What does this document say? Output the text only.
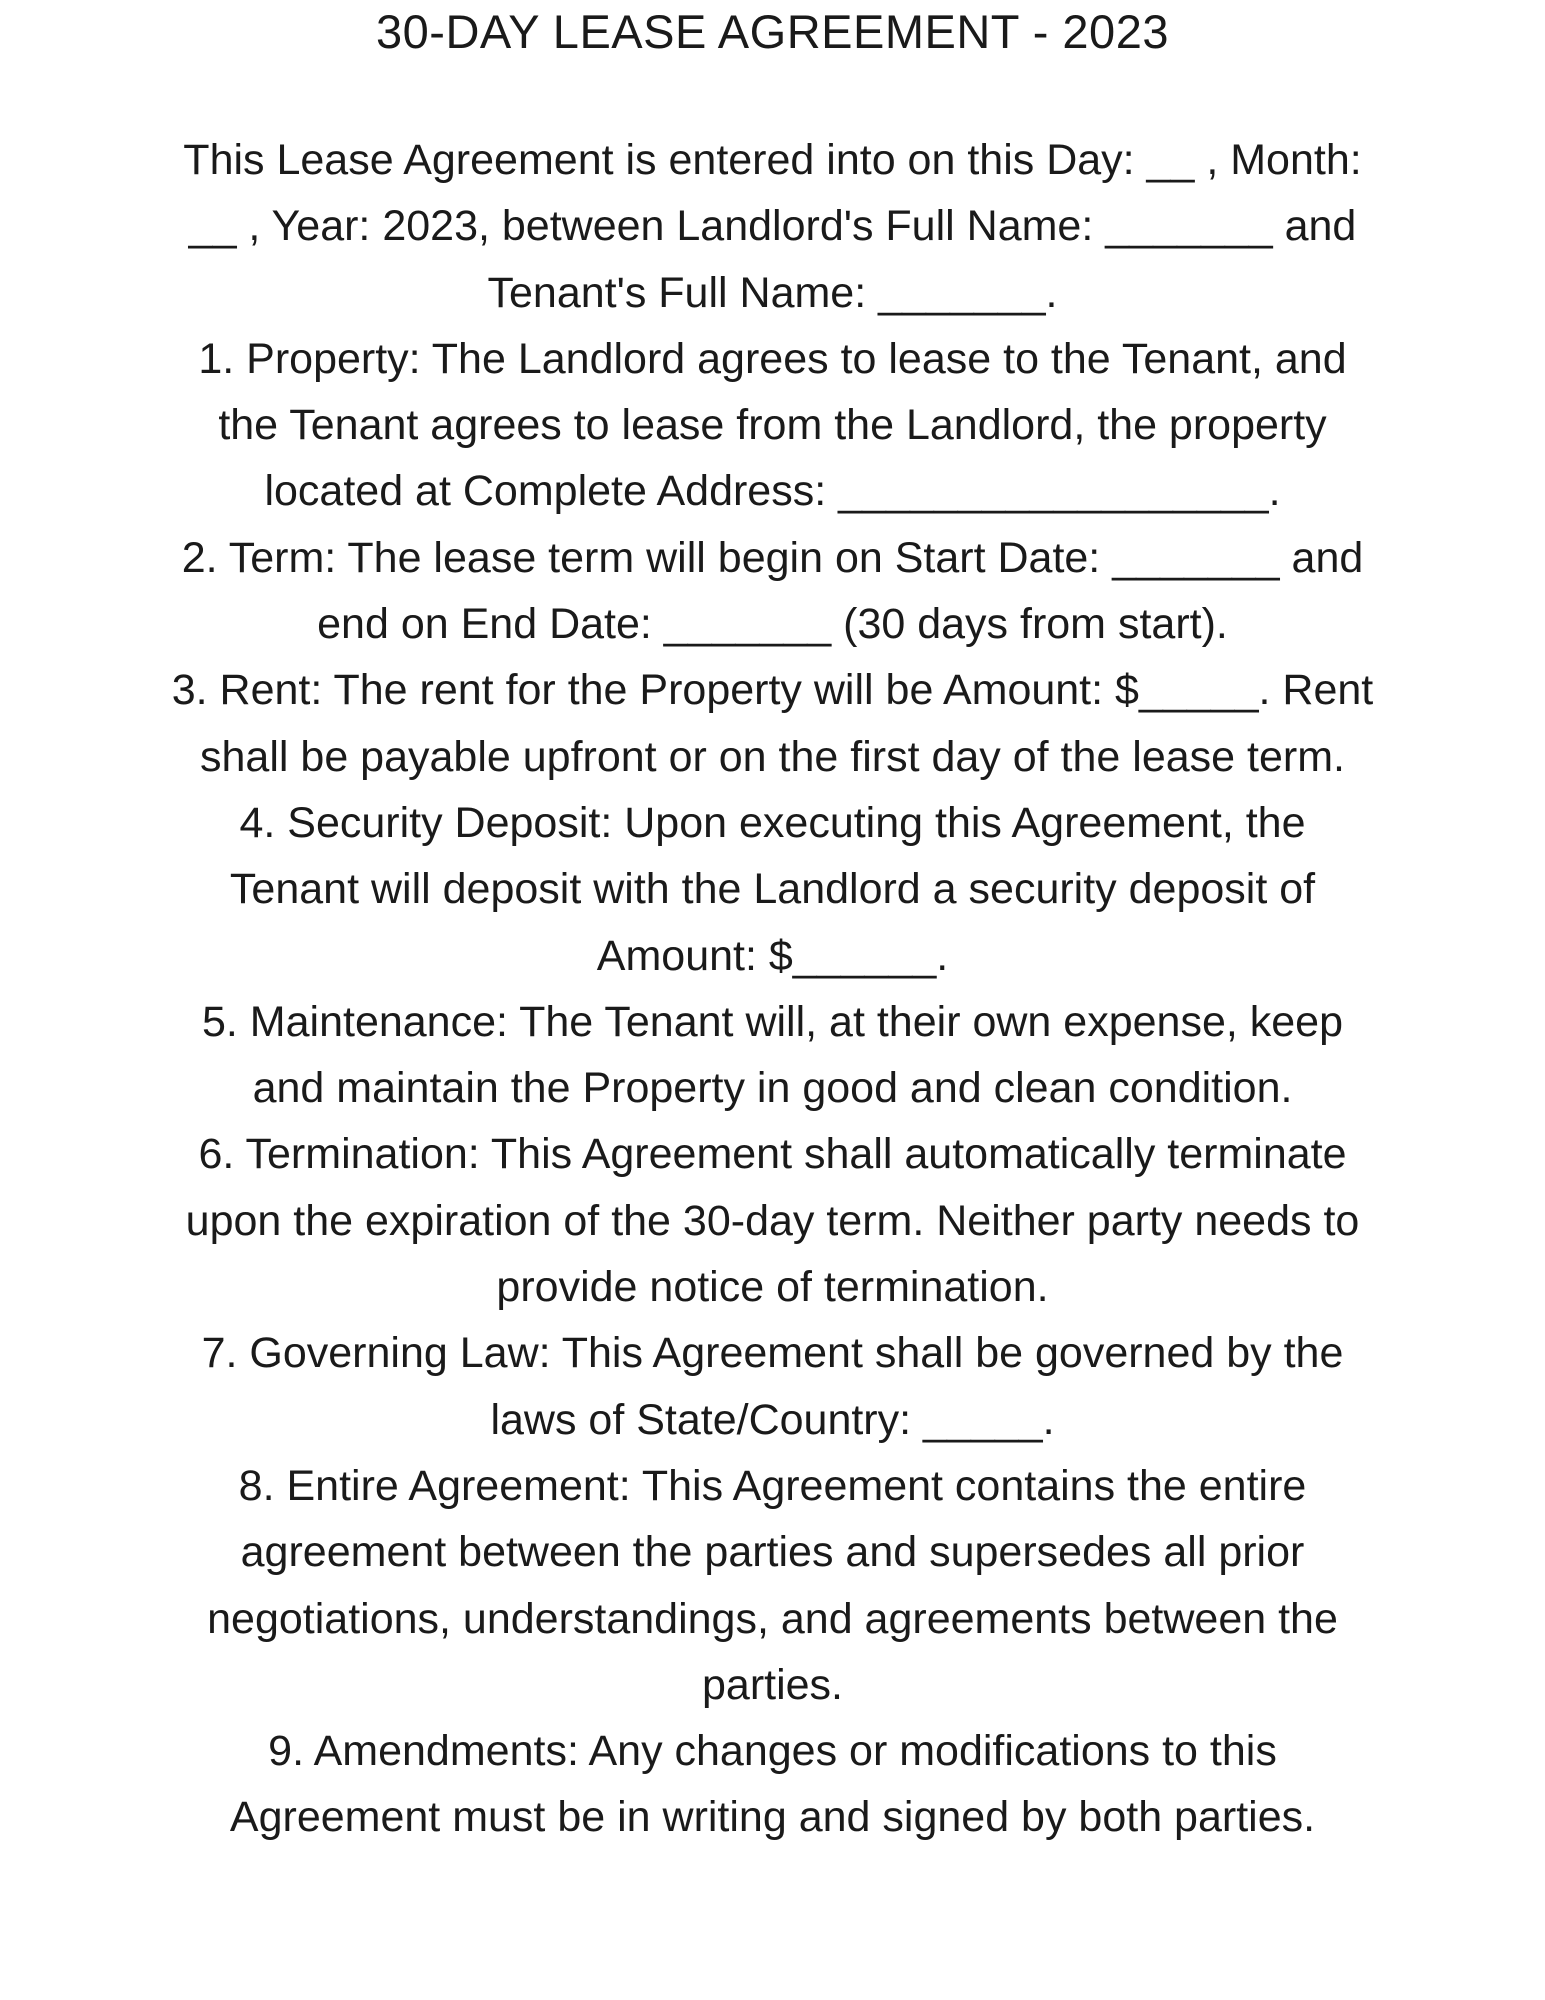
30-DAY LEASE AGREEMENT - 2023
This Lease Agreement is entered into on this Day: __ , Month:
__ , Year: 2023, between Landlord's Full Name: _______ and
Tenant's Full Name: _______.
1. Property: The Landlord agrees to lease to the Tenant, and
the Tenant agrees to lease from the Landlord, the property
located at Complete Address: __________________.
2. Term: The lease term will begin on Start Date: _______ and
end on End Date: _______ (30 days from start).
3. Rent: The rent for the Property will be Amount: $_____. Rent
shall be payable upfront or on the first day of the lease term.
4. Security Deposit: Upon executing this Agreement, the
Tenant will deposit with the Landlord a security deposit of
Amount: $______.
5. Maintenance: The Tenant will, at their own expense, keep
and maintain the Property in good and clean condition.
6. Termination: This Agreement shall automatically terminate
upon the expiration of the 30-day term. Neither party needs to
provide notice of termination.
7. Governing Law: This Agreement shall be governed by the
laws of State/Country: _____.
8. Entire Agreement: This Agreement contains the entire
agreement between the parties and supersedes all prior
negotiations, understandings, and agreements between the
parties.
9. Amendments: Any changes or modifications to this
Agreement must be in writing and signed by both parties.
